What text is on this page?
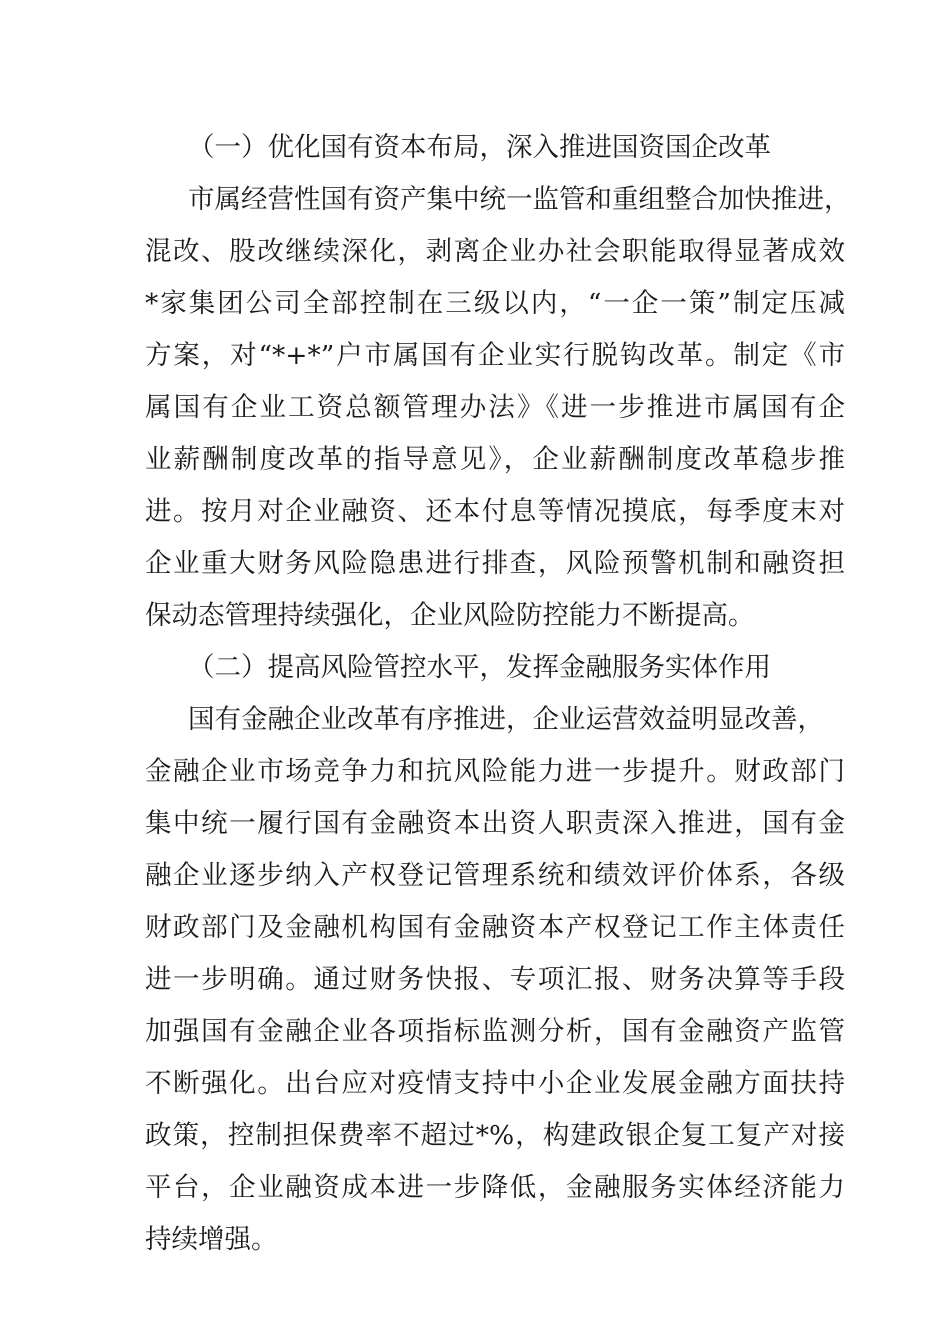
（一）优化国有资本布局，深入推进国资国企改革
市属经营性国有资产集中统一监管和重组整合加快推进，
混改、股改继续深化，剥离企业办社会职能取得显著成效
*家集团公司全部控制在三级以内，“一企一策”制定压减
方案，对“*+*”户市属国有企业实行脱钩改革。制定《市
属国有企业工资总额管理办法》《进一步推进市属国有企
业薪酬制度改革的指导意见》，企业薪酬制度改革稳步推
进。按月对企业融资、还本付息等情况摸底，每季度末对
企业重大财务风险隐患进行排查，风险预警机制和融资担
保动态管理持续强化，企业风险防控能力不断提高。
（二）提高风险管控水平，发挥金融服务实体作用
国有金融企业改革有序推进，企业运营效益明显改善，
金融企业市场竞争力和抗风险能力进一步提升。财政部门
集中统一履行国有金融资本出资人职责深入推进，国有金
融企业逐步纳入产权登记管理系统和绩效评价体系，各级
财政部门及金融机构国有金融资本产权登记工作主体责任
进一步明确。通过财务快报、专项汇报、财务决算等手段
加强国有金融企业各项指标监测分析，国有金融资产监管
不断强化。出台应对疫情支持中小企业发展金融方面扶持
政策，控制担保费率不超过*%，构建政银企复工复产对接
平台，企业融资成本进一步降低，金融服务实体经济能力
持续增强。
